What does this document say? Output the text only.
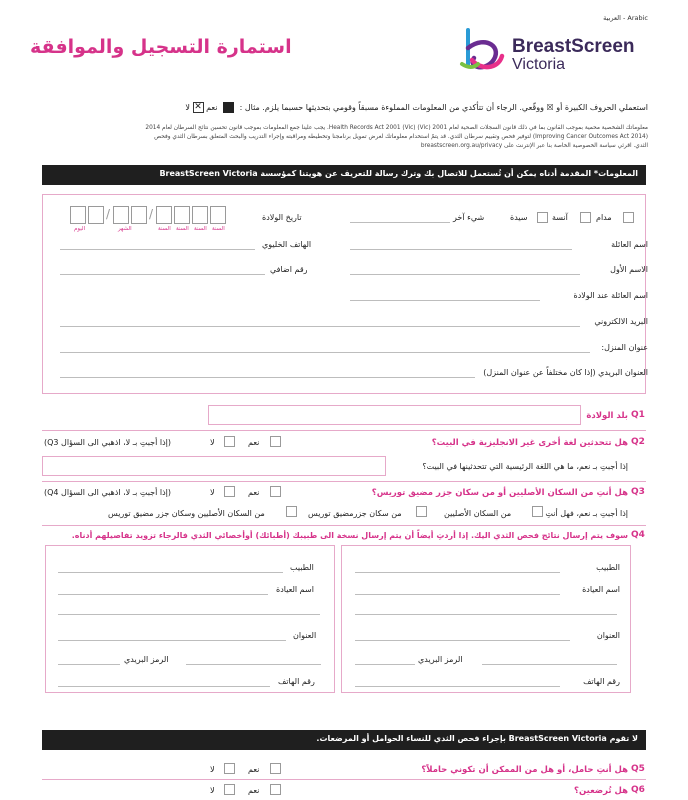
Arabic - العربية
BreastScreen
Victoria
استمارة التسجيل والموافقة
استعملي الحروف الكبيرة أو ☒ ووقّعي. الرجاء أن تتأكدي من المعلومات المملوءة مسبقاً وقومي بتحديثها حسبما يلزم. مثال :  نعم ✕ لا
معلوماتك الشخصية محمية بموجب القانون بما في ذلك قانون السجلات الصحية لعام 2001 (Vic) Health Records Act 2001 (Vic). يجب علينا جمع المعلومات بموجب قانون تحسين نتائج السرطان لعام 2014
(Improving Cancer Outcomes Act 2014) لتوفير فحص وتقييم سرطان الثدي. قد يتمّ استخدام معلوماتك لغرض تمويل برنامجنا وتخطيطه ومراقبته وإجراء التدريب والبحث المتعلق بسرطان الثدي وفحص
الثدي. اقرئي سياسة الخصوصية الخاصة بنا عبر الإنترنت على breastscreen.org.au/privacy
المعلومات* المقدمة أدناه يمكن أن تُستعمل للاتصال بك وترك رسالة للتعريف عن هويتنا كمؤسسة BreastScreen Victoria
مدام
آنسة
سيدة
شيء آخر
تاريخ الولادة
/	/
اليوم	الشهر	السنة السنة السنة السنة
اسم العائلة
الاسم الأول
اسم العائلة عند الولادة
الهاتف الخليوي
رقم اضافي
البريد الالكتروني
عنوان المنزل:
العنوان البريدي (إذا كان مختلفاً عن عنوان المنزل)
Q1
بلد الولادة
Q2
هل تتحدثين لغة أخرى غير الانجليزية في البيت؟
نعم
لا
(إذا أجبتِ بـ لا، اذهبي الى السؤال Q3)
إذا أجبتِ بـ نعم، ما هي اللغة الرئيسية التي تتحدثينها في البيت؟
Q3
هل أنتِ من السكان الأصليين أو من سكان جزر مضيق توريس؟
نعم
لا
(إذا أجبتِ بـ لا، اذهبي الى السؤال Q4)
إذا أجبتِ بـ نعم، فهل أنتِ
من السكان الأصليين
من سكان جزرمضيق توريس
من السكان الأصليين وسكان جزر مضيق توريس
Q4
سوف يتم إرسال نتائج فحص الثدي اليك. إذا أردتِ أيضاً أن يتم إرسال نسخة الى طبيبك (أطبائك) أوأخصائي الثدي فالرجاء تزويد تفاصيلهم أدناه.
الطبيب
اسم العيادة
العنوان
الرمز البريدي
رقم الهاتف
الطبيب
اسم العيادة
العنوان
الرمز البريدي
رقم الهاتف
لا تقوم BreastScreen Victoria بإجراء فحص الثدي للنساء الحوامل أو المرضعات.
Q5
هل أنتِ حامل، أو هل من الممكن أن تكوني حاملاً؟
نعم
لا
Q6
هل تُرضعين؟
نعم
لا
